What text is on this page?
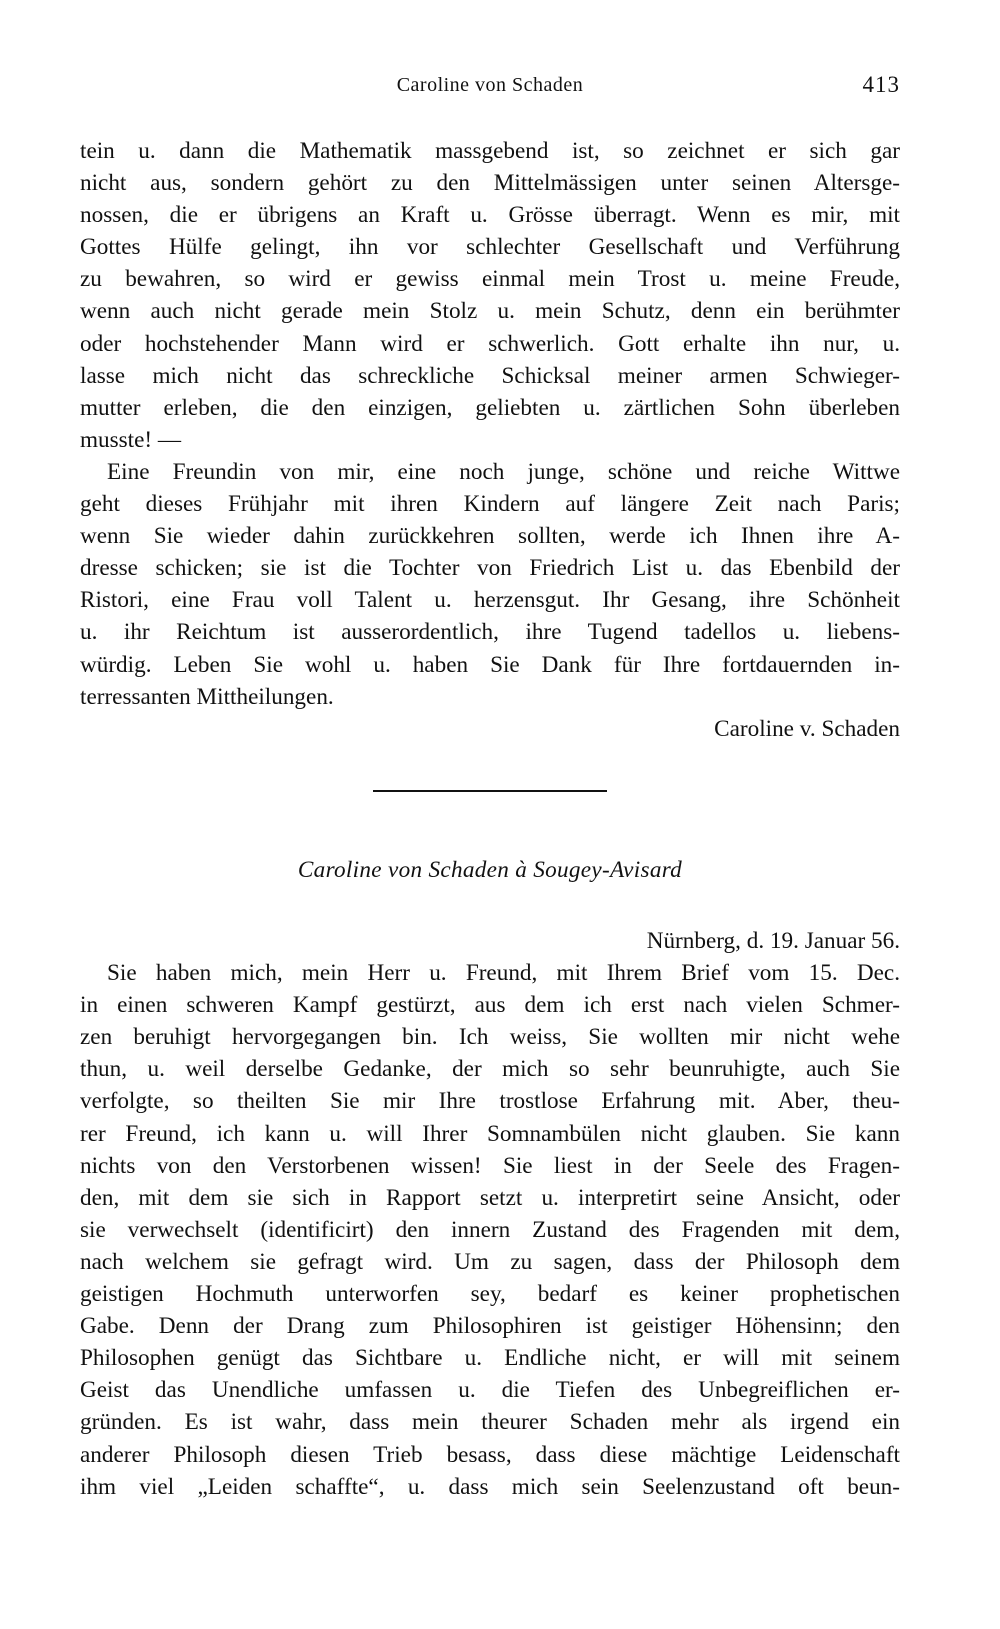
Caroline von Schaden	413
tein u. dann die Mathematik massgebend ist, so zeichnet er sich gar
nicht aus, sondern gehört zu den Mittelmässigen unter seinen Altersge-
nossen, die er übrigens an Kraft u. Grösse überragt. Wenn es mir, mit
Gottes Hülfe gelingt, ihn vor schlechter Gesellschaft und Verführung
zu bewahren, so wird er gewiss einmal mein Trost u. meine Freude,
wenn auch nicht gerade mein Stolz u. mein Schutz, denn ein berühmter
oder hochstehender Mann wird er schwerlich. Gott erhalte ihn nur, u.
lasse mich nicht das schreckliche Schicksal meiner armen Schwieger-
mutter erleben, die den einzigen, geliebten u. zärtlichen Sohn überleben
musste! —
Eine Freundin von mir, eine noch junge, schöne und reiche Wittwe
geht dieses Frühjahr mit ihren Kindern auf längere Zeit nach Paris;
wenn Sie wieder dahin zurückkehren sollten, werde ich Ihnen ihre A-
dresse schicken; sie ist die Tochter von Friedrich List u. das Ebenbild der
Ristori, eine Frau voll Talent u. herzensgut. Ihr Gesang, ihre Schönheit
u. ihr Reichtum ist ausserordentlich, ihre Tugend tadellos u. liebens-
würdig. Leben Sie wohl u. haben Sie Dank für Ihre fortdauernden in-
terressanten Mittheilungen.
Caroline v. Schaden
Caroline von Schaden à Sougey-Avisard
Nürnberg, d. 19. Januar 56.
Sie haben mich, mein Herr u. Freund, mit Ihrem Brief vom 15. Dec.
in einen schweren Kampf gestürzt, aus dem ich erst nach vielen Schmer-
zen beruhigt hervorgegangen bin. Ich weiss, Sie wollten mir nicht wehe
thun, u. weil derselbe Gedanke, der mich so sehr beunruhigte, auch Sie
verfolgte, so theilten Sie mir Ihre trostlose Erfahrung mit. Aber, theu-
rer Freund, ich kann u. will Ihrer Somnambülen nicht glauben. Sie kann
nichts von den Verstorbenen wissen! Sie liest in der Seele des Fragen-
den, mit dem sie sich in Rapport setzt u. interpretirt seine Ansicht, oder
sie verwechselt (identificirt) den innern Zustand des Fragenden mit dem,
nach welchem sie gefragt wird. Um zu sagen, dass der Philosoph dem
geistigen Hochmuth unterworfen sey, bedarf es keiner prophetischen
Gabe. Denn der Drang zum Philosophiren ist geistiger Höhensinn; den
Philosophen genügt das Sichtbare u. Endliche nicht, er will mit seinem
Geist das Unendliche umfassen u. die Tiefen des Unbegreiflichen er-
gründen. Es ist wahr, dass mein theurer Schaden mehr als irgend ein
anderer Philosoph diesen Trieb besass, dass diese mächtige Leidenschaft
ihm viel „Leiden schaffte“, u. dass mich sein Seelenzustand oft beun-
